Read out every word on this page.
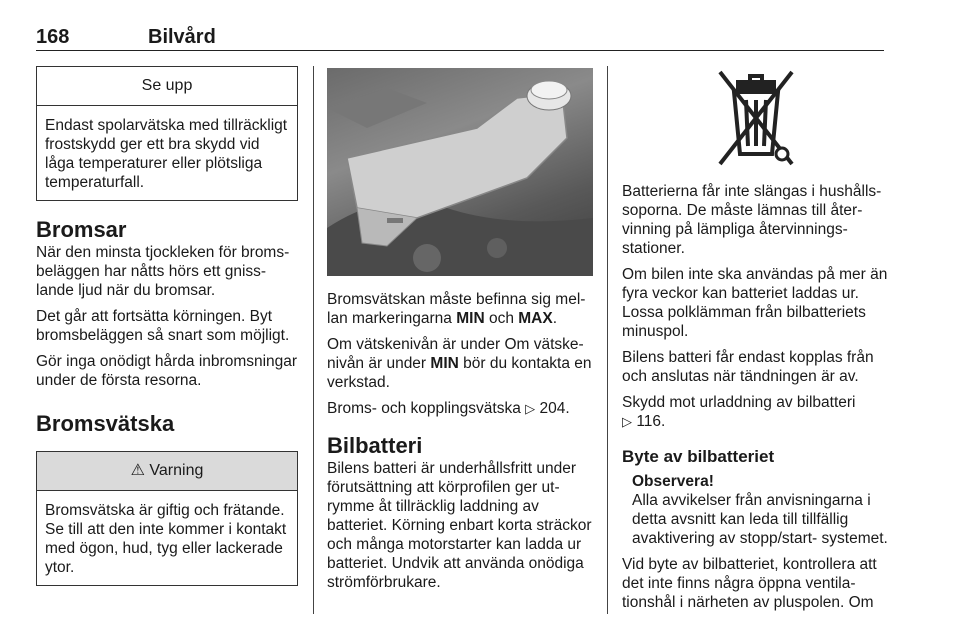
168	Bilvård
Se upp
Endast spolarvätska med tillräckligt frostskydd ger ett bra skydd vid låga temperaturer eller plötsliga temperaturfall.
Bromsar

När den minsta tjockleken för bromsbeläggen har nåtts hörs ett gnisslande ljud när du bromsar.

Det går att fortsätta körningen. Byt bromsbeläggen så snart som möjligt.

Gör inga onödigt hårda inbromsningar under de första resorna.

Bromsvätska
⚠ Varning
Bromsvätska är giftig och frätande. Se till att den inte kommer i kontakt med ögon, hud, tyg eller lackerade ytor.

Bromsvätskan måste befinna sig mellan markeringarna MIN och MAX.

Om vätskenivån är under Om vätskenivån är under MIN bör du kontakta en verkstad.

Broms- och kopplingsvätska ▷ 204.

Bilbatteri

Bilens batteri är underhållsfritt under förutsättning att körprofilen ger utrymme åt tillräcklig laddning av batteriet. Körning enbart korta sträckor och många motorstarter kan ladda ur batteriet. Undvik att använda onödiga strömförbrukare.

Batterierna får inte slängas i hushållssoporna. De måste lämnas till återvinning på lämpliga återvinningsstationer.

Om bilen inte ska användas på mer än fyra veckor kan batteriet laddas ur. Lossa polklämman från bilbatteriets minuspol.

Bilens batteri får endast kopplas från och anslutas när tändningen är av.

Skydd mot urladdning av bilbatteri
▷ 116.

Byte av bilbatteriet

Observera!

Alla avvikelser från anvisningarna i detta avsnitt kan leda till tillfällig avaktivering av stopp/start- systemet.

Vid byte av bilbatteriet, kontrollera att det inte finns några öppna ventilationshål i närheten av pluspolen. Om
